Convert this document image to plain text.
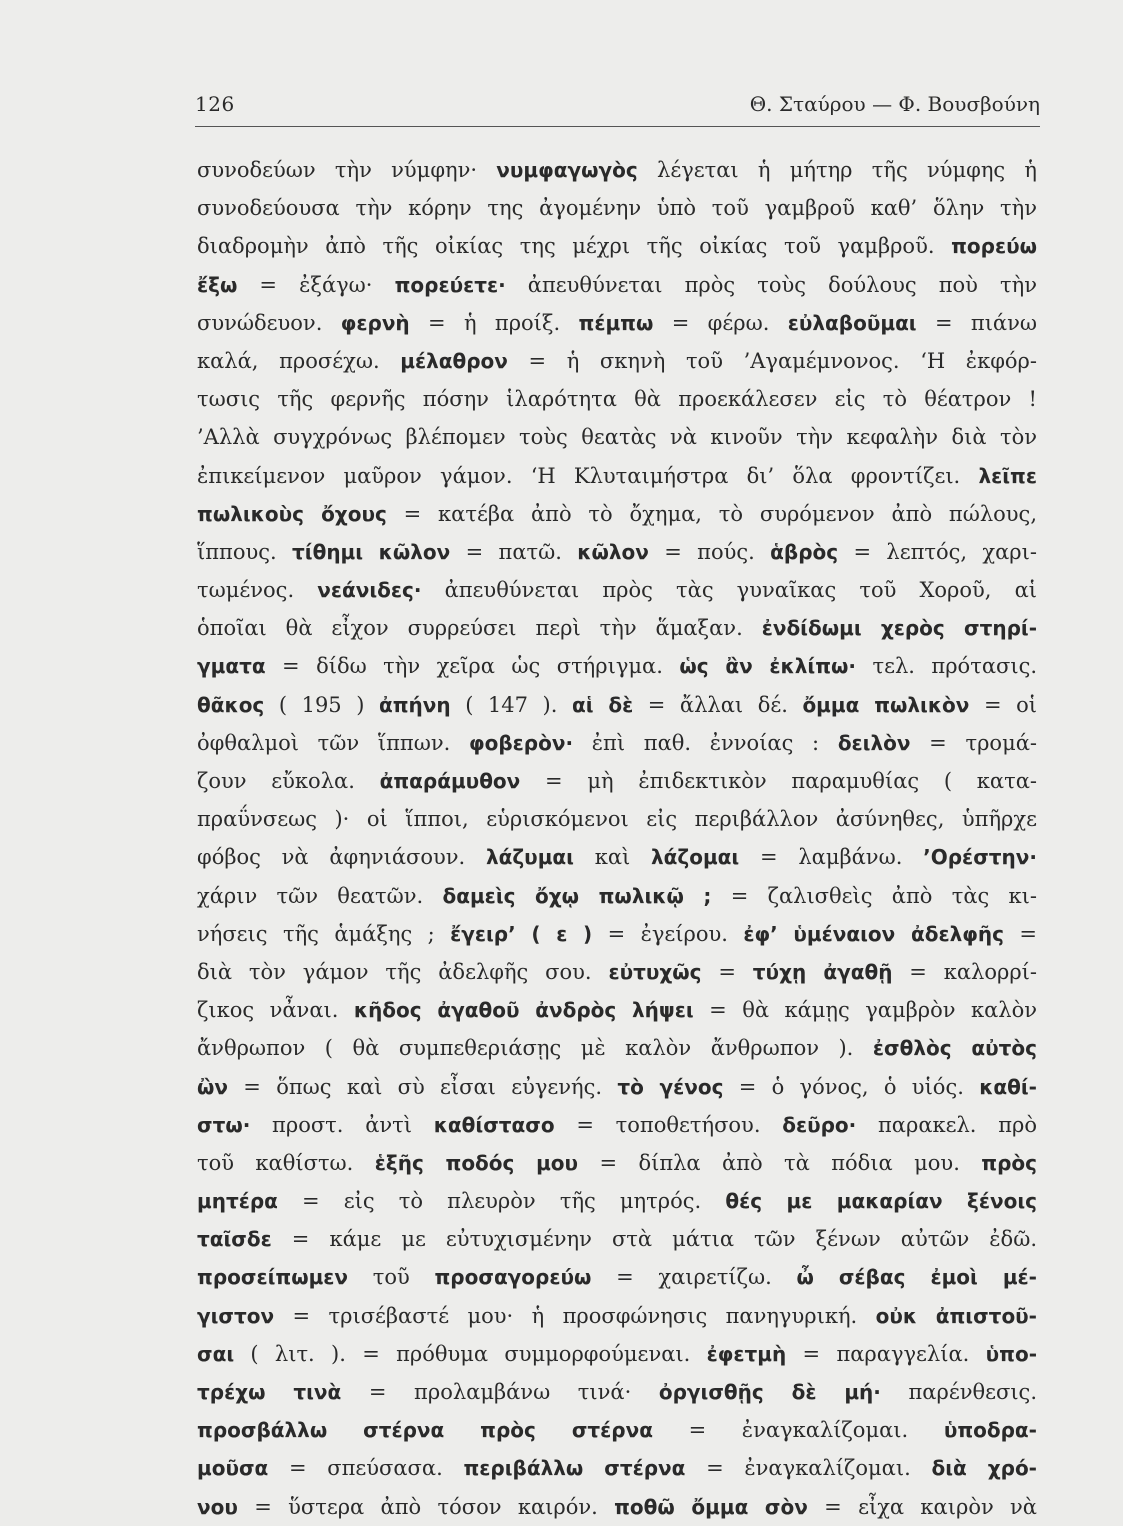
126	Θ. Σταύρου — Φ. Βουσβούνη
συνοδεύων τὴν νύμφην· νυμφαγωγὸς λέγεται ἡ μήτηρ τῆς νύμφης ἡ
συνοδεύουσα τὴν κόρην της ἀγομένην ὑπὸ τοῦ γαμβροῦ καθ’ ὅλην τὴν
διαδρομὴν ἀπὸ τῆς οἰκίας της μέχρι τῆς οἰκίας τοῦ γαμβροῦ. πορεύω
ἔξω = ἐξάγω· πορεύετε· ἀπευθύνεται πρὸς τοὺς δούλους ποὺ τὴν
συνώδευον. φερνὴ = ἡ προίξ. πέμπω = φέρω. εὐλαβοῦμαι = πιάνω
καλά, προσέχω. μέλαθρον = ἡ σκηνὴ τοῦ ’Αγαμέμνονος. ‘Η ἐκφόρ-
τωσις τῆς φερνῆς πόσην ἱλαρότητα θὰ προεκάλεσεν εἰς τὸ θέατρον !
’Αλλὰ συγχρόνως βλέπομεν τοὺς θεατὰς νὰ κινοῦν τὴν κεφαλὴν διὰ τὸν
ἐπικείμενον μαῦρον γάμον. ‘Η Κλυταιμήστρα δι’ ὅλα φροντίζει. λεῖπε
πωλικοὺς ὄχους = κατέβα ἀπὸ τὸ ὄχημα, τὸ συρόμενον ἀπὸ πώλους,
ἵππους. τίθημι κῶλον = πατῶ. κῶλον = πούς. ἁβρὸς = λεπτός, χαρι-
τωμένος. νεάνιδες· ἀπευθύνεται πρὸς τὰς γυναῖκας τοῦ Χοροῦ, αἱ
ὁποῖαι θὰ εἶχον συρρεύσει περὶ τὴν ἅμαξαν. ἐνδίδωμι χερὸς στηρί-
γματα = δίδω τὴν χεῖρα ὡς στήριγμα. ὡς ἂν ἐκλίπω· τελ. πρότασις.
θᾶκος ( 195 ) ἀπήνη ( 147 ). αἱ δὲ = ἄλλαι δέ. ὄμμα πωλικὸν = οἱ
ὀφθαλμοὶ τῶν ἵππων. φοβερὸν· ἐπὶ παθ. ἐννοίας : δειλὸν = τρομά-
ζουν εὔκολα. ἀπαράμυθον = μὴ ἐπιδεκτικὸν παραμυθίας ( κατα-
πραΰνσεως )· οἱ ἵπποι, εὑρισκόμενοι εἰς περιβάλλον ἀσύνηθες, ὑπῆρχε
φόβος νὰ ἀφηνιάσουν. λάζυμαι καὶ λάζομαι = λαμβάνω. ’Ορέστην·
χάριν τῶν θεατῶν. δαμεὶς ὄχῳ πωλικῷ ; = ζαλισθεὶς ἀπὸ τὰς κι-
νήσεις τῆς ἁμάξης ; ἔγειρ’ ( ε ) = ἐγείρου. ἐφ’ ὑμέναιον ἀδελφῆς =
διὰ τὸν γάμον τῆς ἀδελφῆς σου. εὐτυχῶς = τύχῃ ἀγαθῇ = καλορρί-
ζικος νἆναι. κῆδος ἀγαθοῦ ἀνδρὸς λήψει = θὰ κάμῃς γαμβρὸν καλὸν
ἄνθρωπον ( θὰ συμπεθεριάσῃς μὲ καλὸν ἄνθρωπον ). ἐσθλὸς αὐτὸς
ὢν = ὅπως καὶ σὺ εἶσαι εὐγενής. τὸ γένος = ὁ γόνος, ὁ υἱός. καθί-
στω· προστ. ἀντὶ καθίστασο = τοποθετήσου. δεῦρο· παρακελ. πρὸ
τοῦ καθίστω. ἑξῆς ποδός μου = δίπλα ἀπὸ τὰ πόδια μου. πρὸς
μητέρα = εἰς τὸ πλευρὸν τῆς μητρός. θές με μακαρίαν ξένοις
ταῖσδε = κάμε με εὐτυχισμένην στὰ μάτια τῶν ξένων αὐτῶν ἐδῶ.
προσείπωμεν τοῦ προσαγορεύω = χαιρετίζω. ὦ σέβας ἐμοὶ μέ-
γιστον = τρισέβαστέ μου· ἡ προσφώνησις πανηγυρική. οὐκ ἀπιστοῦ-
σαι ( λιτ. ). = πρόθυμα συμμορφούμεναι. ἐφετμὴ = παραγγελία. ὑπο-
τρέχω τινὰ = προλαμβάνω τινά· ὀργισθῇς δὲ μή· παρένθεσις.
προσβάλλω στέρνα πρὸς στέρνα = ἐναγκαλίζομαι. ὑποδρα-
μοῦσα = σπεύσασα. περιβάλλω στέρνα = ἐναγκαλίζομαι. διὰ χρό-
νου = ὕστερα ἀπὸ τόσον καιρόν. ποθῶ ὄμμα σὸν = εἶχα καιρὸν νὰ
